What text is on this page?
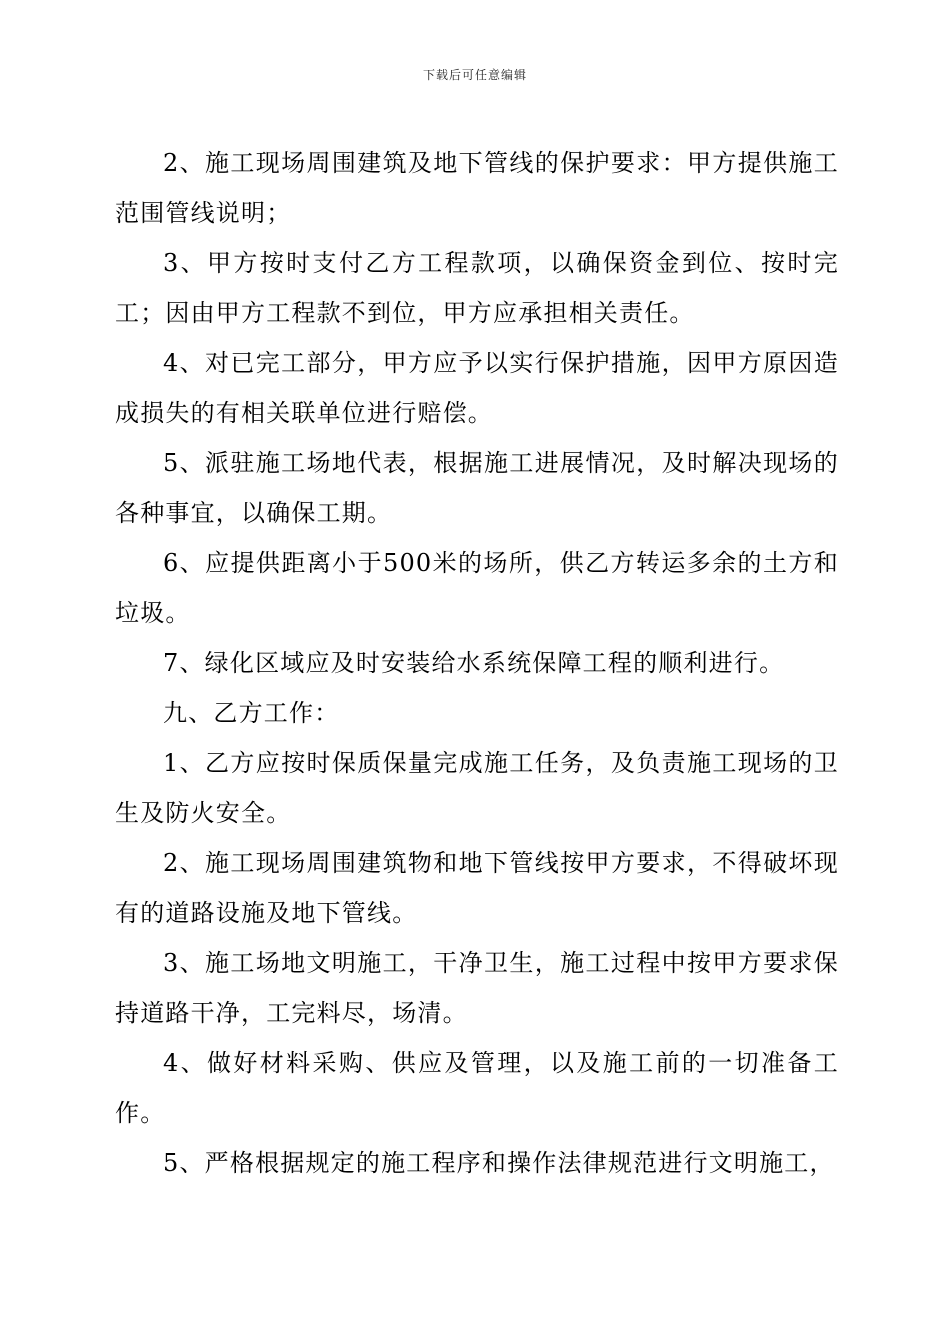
下载后可任意编辑

2、施工现场周围建筑及地下管线的保护要求：甲方提供施工范围管线说明；

3、甲方按时支付乙方工程款项，以确保资金到位、按时完工；因由甲方工程款不到位，甲方应承担相关责任。

4、对已完工部分，甲方应予以实行保护措施，因甲方原因造成损失的有相关联单位进行赔偿。

5、派驻施工场地代表，根据施工进展情况，及时解决现场的各种事宜，以确保工期。

6、应提供距离小于500米的场所，供乙方转运多余的土方和垃圾。

7、绿化区域应及时安装给水系统保障工程的顺利进行。

九、乙方工作：

1、乙方应按时保质保量完成施工任务，及负责施工现场的卫生及防火安全。

2、施工现场周围建筑物和地下管线按甲方要求，不得破坏现有的道路设施及地下管线。

3、施工场地文明施工，干净卫生，施工过程中按甲方要求保持道路干净，工完料尽，场清。

4、做好材料采购、供应及管理，以及施工前的一切准备工作。

5、严格根据规定的施工程序和操作法律规范进行文明施工，
